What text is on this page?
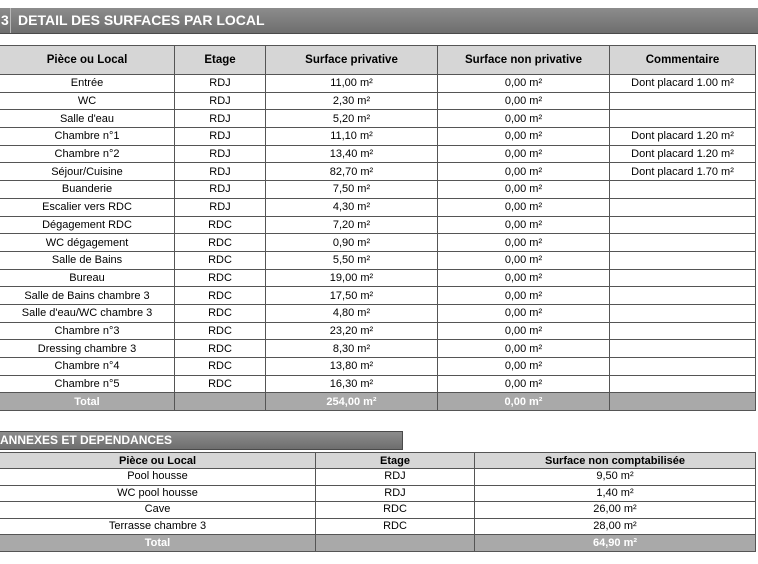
3 DETAIL DES SURFACES PAR LOCAL
Pièce ou Local	Etage	Surface privative	Surface non privative	Commentaire
Entrée	RDJ	11,00 m²	0,00 m²	Dont placard 1.00 m²
WC	RDJ	2,30 m²	0,00 m²	
Salle d'eau	RDJ	5,20 m²	0,00 m²	
Chambre n°1	RDJ	11,10 m²	0,00 m²	Dont placard 1.20 m²
Chambre n°2	RDJ	13,40 m²	0,00 m²	Dont placard 1.20 m²
Séjour/Cuisine	RDJ	82,70 m²	0,00 m²	Dont placard 1.70 m²
Buanderie	RDJ	7,50 m²	0,00 m²	
Escalier vers RDC	RDJ	4,30 m²	0,00 m²	
Dégagement RDC	RDC	7,20 m²	0,00 m²	
WC dégagement	RDC	0,90 m²	0,00 m²	
Salle de Bains	RDC	5,50 m²	0,00 m²	
Bureau	RDC	19,00 m²	0,00 m²	
Salle de Bains chambre 3	RDC	17,50 m²	0,00 m²	
Salle d'eau/WC chambre 3	RDC	4,80 m²	0,00 m²	
Chambre n°3	RDC	23,20 m²	0,00 m²	
Dressing chambre 3	RDC	8,30 m²	0,00 m²	
Chambre n°4	RDC	13,80 m²	0,00 m²	
Chambre n°5	RDC	16,30 m²	0,00 m²	
Total		254,00 m²	0,00 m²	
ANNEXES ET DEPENDANCES
Pièce ou Local	Etage	Surface non comptabilisée
Pool housse	RDJ	9,50 m²
WC pool housse	RDJ	1,40 m²
Cave	RDC	26,00 m²
Terrasse chambre 3	RDC	28,00 m²
Total		64,90 m²
